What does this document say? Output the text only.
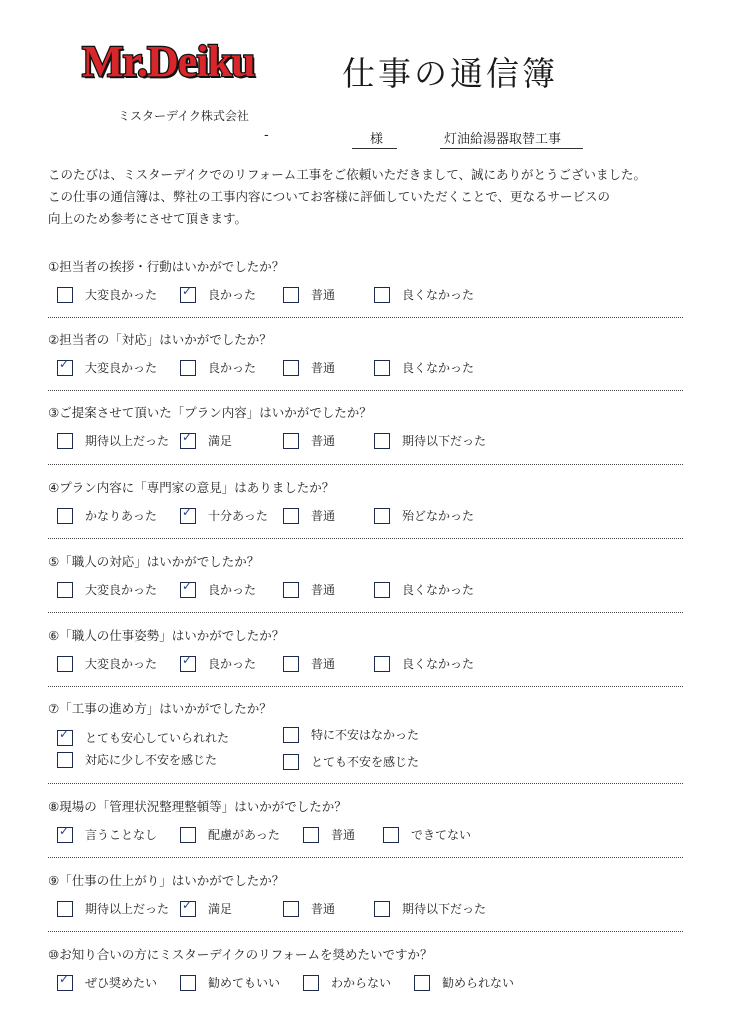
Mr.Deiku	仕事の通信簿
ミスターデイク株式会社
-	様	灯油給湯器取替工事
このたびは、ミスターデイクでのリフォーム工事をご依頼いただきまして、誠にありがとうございました。
この仕事の通信簿は、弊社の工事内容についてお客様に評価していただくことで、更なるサービスの
向上のため参考にさせて頂きます。
①担当者の挨拶・行動はいかがでしたか？
大変良かった ✓ 良かった	普通	良くなかった
②担当者の「対応」はいかがでしたか？
✓ 大変良かった	良かった	普通	良くなかった
③ご提案させて頂いた「プラン内容」はいかがでしたか？
期待以上だった ✓ 満足	普通	期待以下だった
④プラン内容に「専門家の意見」はありましたか？
かなりあった ✓ 十分あった	普通	殆どなかった
⑤「職人の対応」はいかがでしたか？
大変良かった ✓ 良かった	普通	良くなかった
⑥「職人の仕事姿勢」はいかがでしたか？
大変良かった ✓ 良かった	普通	良くなかった
⑦「工事の進め方」はいかがでしたか？
✓ とても安心していられれた	特に不安はなかった
対応に少し不安を感じた	とても不安を感じた
⑧現場の「管理状況整理整頓等」はいかがでしたか？
✓ 言うことなし	配慮があった	普通	できてない
⑨「仕事の仕上がり」はいかがでしたか？
期待以上だった ✓ 満足	普通	期待以下だった
⑩お知り合いの方にミスターデイクのリフォームを奨めたいですか？
✓ ぜひ奨めたい	勧めてもいい	わからない	勧められない
